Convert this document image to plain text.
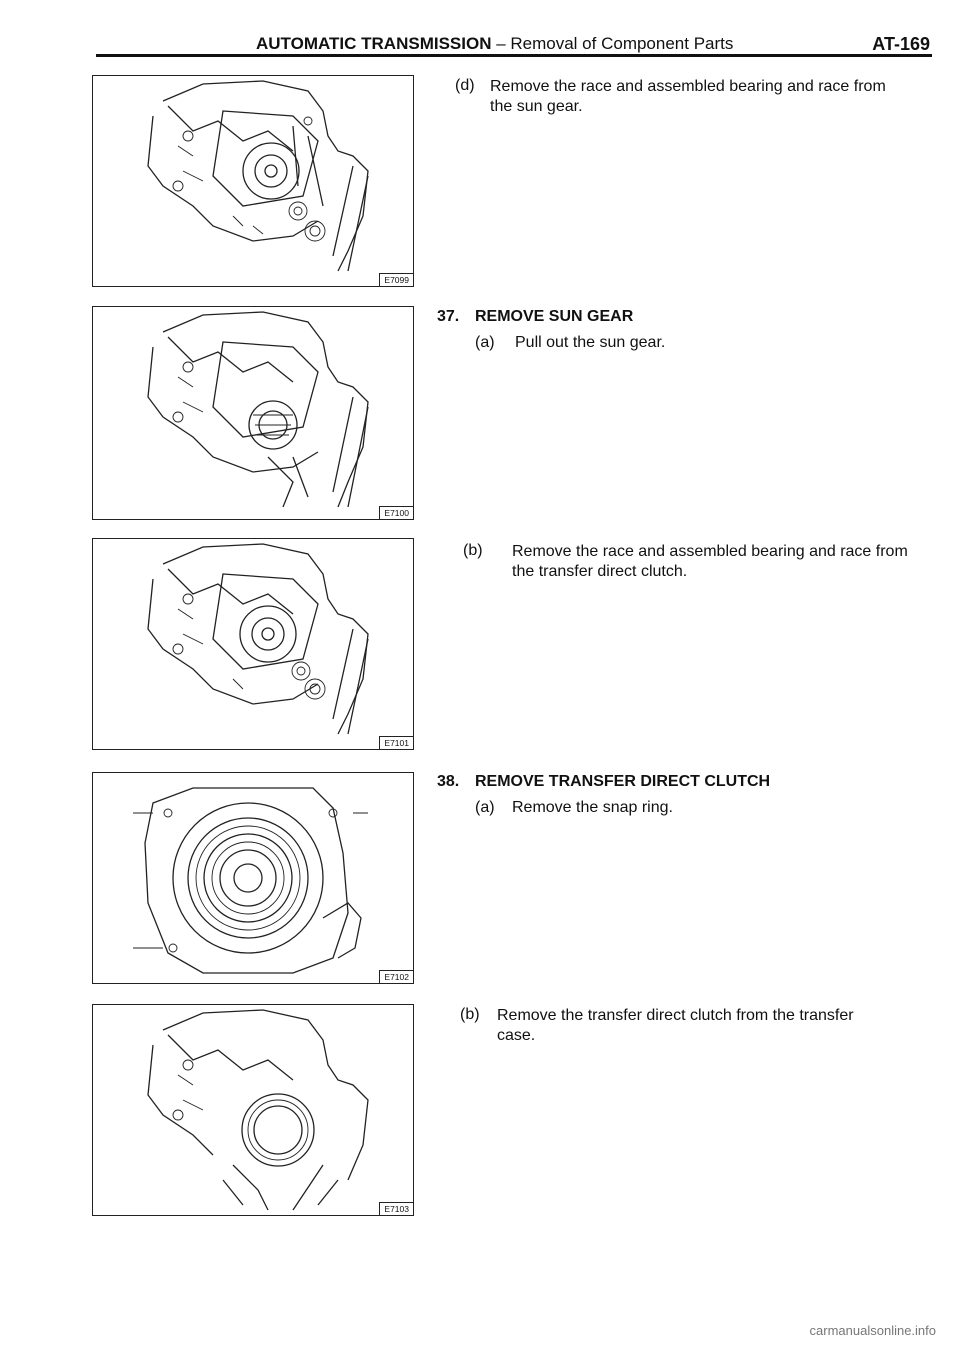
AUTOMATIC TRANSMISSION – Removal of Component Parts	AT-169
E7099
E7100
E7101
E7102
E7103
(d) Remove the race and assembled bearing and race from
the sun gear.
37. REMOVE SUN GEAR
(a) Pull out the sun gear.
(b) Remove the race and assembled bearing and race from
the transfer direct clutch.
38. REMOVE TRANSFER DIRECT CLUTCH
(a) Remove the snap ring.
(b) Remove the transfer direct clutch from the transfer
case.
carmanualsonline.info
